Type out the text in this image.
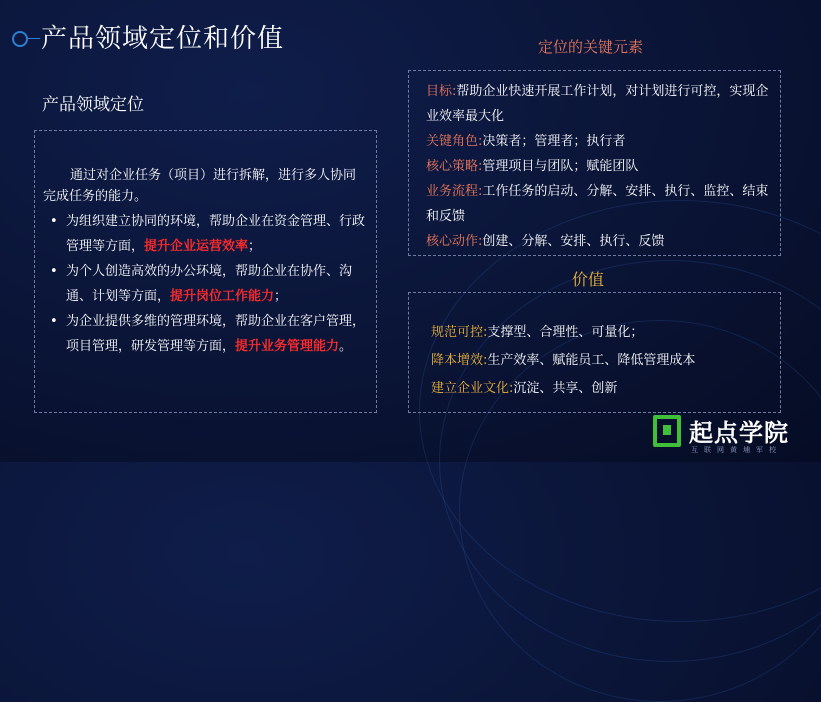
产品领域定位和价值
产品领域定位
通过对企业任务（项目）进行拆解，进行多人协同完成任务的能力。
• 为组织建立协同的环境，帮助企业在资金管理、行政管理等方面，提升企业运营效率；
• 为个人创造高效的办公环境，帮助企业在协作、沟通、计划等方面，提升岗位工作能力；
• 为企业提供多维的管理环境，帮助企业在客户管理，项目管理，研发管理等方面，提升业务管理能力。
定位的关键元素
目标:帮助企业快速开展工作计划，对计划进行可控，实现企业效率最大化
关键角色:决策者；管理者；执行者
核心策略:管理项目与团队；赋能团队
业务流程:工作任务的启动、分解、安排、执行、监控、结束和反馈
核心动作:创建、分解、安排、执行、反馈
价值
规范可控:支撑型、合理性、可量化；
降本增效:生产效率、赋能员工、降低管理成本
建立企业文化:沉淀、共享、创新
起点学院
互联网黄埔军校
